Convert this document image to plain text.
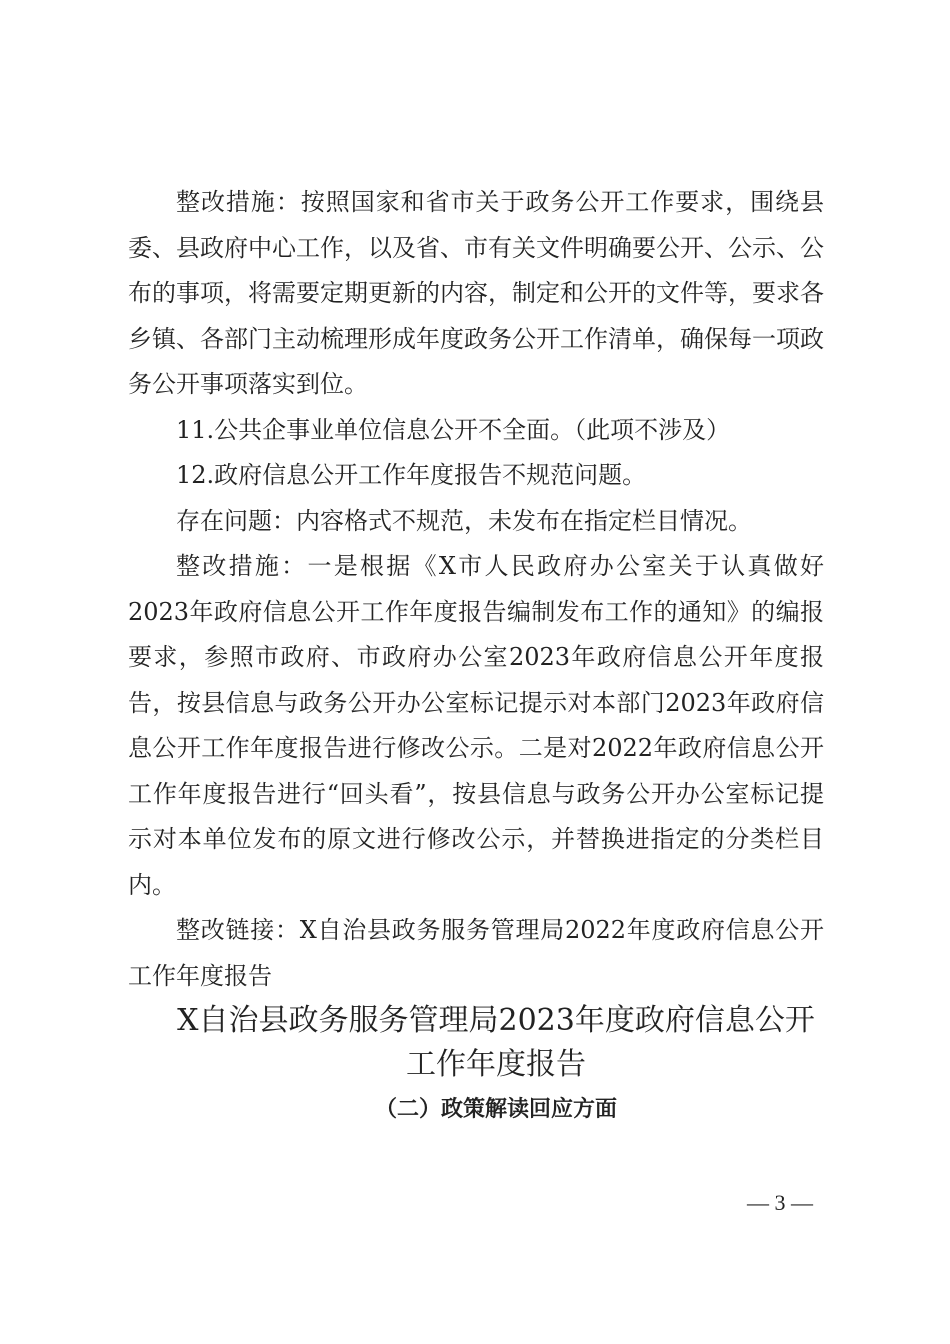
整改措施：按照国家和省市关于政务公开工作要求，围绕县委、县政府中心工作，以及省、市有关文件明确要公开、公示、公布的事项，将需要定期更新的内容，制定和公开的文件等，要求各乡镇、各部门主动梳理形成年度政务公开工作清单，确保每一项政务公开事项落实到位。

11.公共企事业单位信息公开不全面。（此项不涉及）

12.政府信息公开工作年度报告不规范问题。

存在问题：内容格式不规范，未发布在指定栏目情况。

整改措施：一是根据《X市人民政府办公室关于认真做好2023年政府信息公开工作年度报告编制发布工作的通知》的编报要求，参照市政府、市政府办公室2023年政府信息公开年度报告，按县信息与政务公开办公室标记提示对本部门2023年政府信息公开工作年度报告进行修改公示。二是对2022年政府信息公开工作年度报告进行“回头看”，按县信息与政务公开办公室标记提示对本单位发布的原文进行修改公示，并替换进指定的分类栏目内。

整改链接：X自治县政务服务管理局2022年度政府信息公开工作年度报告

X自治县政务服务管理局2023年度政府信息公开工作年度报告

（二）政策解读回应方面

— 3 —
